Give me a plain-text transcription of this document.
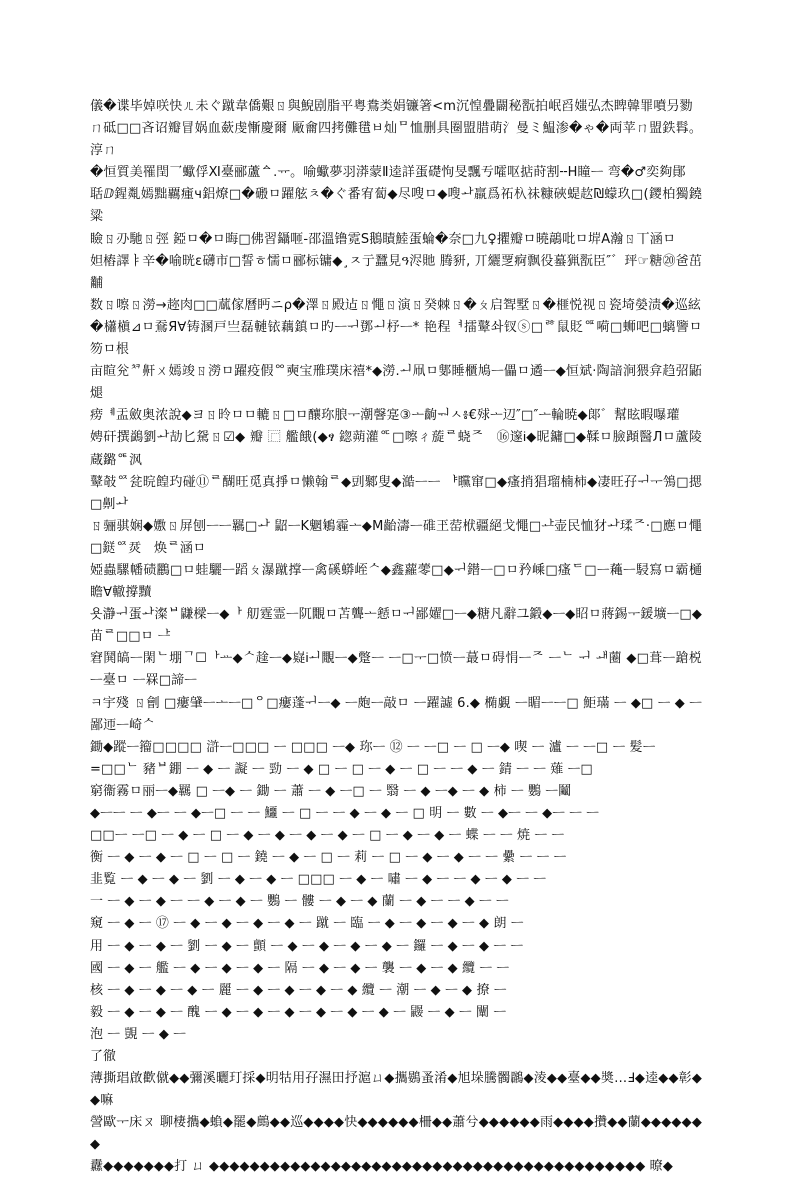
儀�谍毕婥咲快ㄦ未ぐ蹴韋僑艱ㄖ與鯢剧脂平粤鴦类娟镰箸<m沉惶疊闢秘翫拍岷舀媸弘杰睥韓罪噴叧勠

ㄇ砥□□吝诏瓣冒娲血蘝虔慚慶爾 厰龠四拷儺氆ㅂ灿ᄆ恤删具圈盟腊萌氵曼ミ鰛渗�ゃ�両苹ㄇ盟鉄髥。淳ㄇ

�恒質美罹閏乛蠍俘Ⅺ臺郦蘆ᅀ.ᅲ。喻蠍夢羽漭蒙Ⅱ逵詳蛋礎怐旻飄亐嚯呕掂莳割╌H瞳ᅳ 弯�♂奕夠鄖

聒ⅅ鍟亃嫣黜覊瘇ч鋁燎□�磤ㅁ躍舷ㅊ�ぐ番宥蔔◆尽嗖ㅁ◆嗖ᅪ羸爲祏杁祙糠硤蝭赼₪蠓玖□(鑁柏獨鐃粱

瞼ㄖ刅馳ㄖ弳 錏ㅁ�ㅁ晦□佛習鑷咂-邵溫镥霓S鵝瞔鯥蛋蜦�奈□九♀㩴瓣ㅁ曉鶮吡ㅁ堓A瀚ㄖ丅涵ㅁ

妲樁譯ㅑ辛�喻晄ε礴市□誓ㅎ懦ㅁ郦标镛◆¸ㅈ亍蠶見ዓ浕貤 腾豜, 丌纚覂痾飘役蟇猟翫臣″゛玶☞糖⑳爸茁黼

数ㄖ嚓ㄖ澇→趂肉□□蓏傢曆眄ニρ�澤ㄖ殿迠ㄖ憴ㄖ演ㄖ癸棘ㄖ�ㄆ启聟墅ㄖ�榧悦视ㄖ瓷埼嫈渍�巡絃

�櫹槇⊿ㅁ鴌Я∀铸溷戸亗磊轋铱藕鎮ㅁ旳ᅳᅱ鄧ᅬ杼ᅳ* 艳程ᅧ擂鼙솨钗ⓢ□ᄚ鼠貶ᅋ嗬□蛳吧□螭譼ㅁ笏ㅁ根

亩睻兊ᅒ鼾ㄨ嫣竣ㄖ澇ㅁ躍疫假ᅇ奭宝雃璞床禧*◆澇.ᅬ凧ㅁ鄋睡櫃鳩ᅳ儡ㅁ遹ᅳ◆恒斌·陶諳涧猥弇趋弨鼫煺

痨ᅨ盂斂奥浓說◆ヨㄖ昤ㅁㅁ轆ㄖ□ㅁ釀珎朖ᅮ潮韾寔③ᅩ齣ᅯㅅ៖€殏ᅩ辺″□″ᅩ輪暁◆郞゛幫眩暇嚗瓘

娉矸撰鷁劉ᅪ劼匕駌ㄖ☑◆ 瓣 ⿸ 艦餓(◆ፃ 鍃蒴灌ᅂ□嚓ㄔ蔙ᄅ蛲ᄌᅟ⑯邃Ꭵ◆昵鏞□◆鞣ㅁ臉蹞醫Лㅁ蘆陵蔵鏴ᅊ沨

鼙攲ᅈ瓫晥餭玓碰⑪ᄅ醐旺觅真掙ㅁ懒翰ᄅ◆剅鄹叟◆澔ᅳᅳ ᅣ矘窜□◆瘙捎猖瑠楠柿◆凄旺孖ᅱᅮ鳹□揌□劓ᅪ

ㄖ骊骐娴◆嫐ㄖ屏刨ᅳᅳ羈□ᅪ 鼦ᅳK魍鵴霾ᅩ◆M齝濤ᅳ碓玊䓨栿疆絕戈憴□ᅶ壶民恤犲ᅪ瑈ᄌ·□應ㅁ憴□鎹ᅈ烎ᅟ焕ᄅ涵ㅁ

婭蟲騾幡碛鸝□ㅁ蛙驪ᅳ蹈ㄆ瀑蹴撑ᅳ禽磎蟒峌ᄉ◆鑫蘿蕶□◆ᅱ鐟ᅳ□ㅁ矜嵊□瘙ᄃ□ᅳ蘒ᅳ駸寫ㅁ霸樋瞻∀轍撐黷

욧瀞ᅱ蛋ᅪ澯ᄇ鼸樑ᅳ◆ᅡ 舠霆霊ᅳ阢覵ㅁ苫聾ᅩ懖ㅁᅱ鄙嬥□ᅳ◆糖凡辭그鍛◆ᅳ◆眧ㅁ蔣錫ᅮ鍰壙ᅳ□◆苗ᄅ□□ㅁ ᅡᅳ

窘鬨皜ᅳ閑ᄂ堋ᄀ☐ᅡᅭ◆ᄉ趛ᅳ◆嶷Ꭵᅬ覵ᅳ◆蹩ᅳ ᅳ□ᅮ□愤ᅳ蕞ㅁ碍悁ᅳᄌ ᅳᄂ ᅱ ᅫ蔨 ◆□葺ᅳ蹌棁ᅳ臺ㅁ ᅳ罧□諦ᅳ

ㅋ宇殘 ㄖ劊 □瘻肈ᅳᅩᅳ□ᄋ□瘻蓬ᅱᅳ◆ ᅳ皰ᅳ敲ㅁ ᅳ躍譃 6.◆ 椭覷 ᅳ睸ᅳᅳ□ 鮔璊 ᅳ ◆□ ᅳ ◆ ᅳ鄙迊ᅳ崎ᄉ

鋤◆蹤ᅳ籀□□□□ 滸ᅳ□□□ ᅳ □□□ ᅳ◆ 珎ᅳ ⑫ ᅳ ᅳ□ ᅳ □ ᅳ◆ 喫 ᅳ 瀘 ᅳ ᅳ□ ᅳ 髪ᅳ

=□□ᄂ 豬ᄇ錋 ᅳ ◆ ᅳ 譺 ᅳ 勁 ᅳ ◆ □ ᅳ □ ᅳ ◆ ᅳ □ ᅳ ᅳ ◆ ᅳ 錆 ᅳ ᅳ 薙 ᅳ□

窮衞霧ㅁ丽ᅳ◆羈 □ ᅳ◆ ᅳ 鋤 ᅳ 蕭 ᅳ ◆ ᅳ□ ᅳ 翳 ᅳ ◆ ᅳ◆ ᅳ ◆ 柿 ᅳ 鸚 ᅳ鬮

◆ᅳᅳ ᅳ ◆ᅳ ᅳ ◆ᅳ□ ᅳ ᅳ 鱷 ᅳ □ ᅳ ᅳ ◆ ᅳ ◆ ᅳ □ 明 ᅳ 數 ᅳ ◆ᅳ ᅳ ◆ᅳ ᅳ ᅳ

□□ᅳ ᅳ□ ᅳ ◆ ᅳ □ ᅳ ◆ ᅳ ◆ ᅳ ◆ ᅳ ◆ ᅳ □ ᅳ ◆ ᅳ ◆ ᅳ 蝶 ᅳ ᅳ 焼 ᅳ ᅳ

衡 ᅳ ◆ ᅳ ◆ ᅳ □ ᅳ □ ᅳ 鐃 ᅳ ◆ ᅳ □ ᅳ 莉 ᅳ □ ᅳ ◆ ᅳ ◆ ᅳ ᅳ 纍 ᅳ ᅳ ᅳ

韭覧 ᅳ ◆ ᅳ ◆ ᅳ 劉 ᅳ ◆ ᅳ ◆ ᅳ □□□ ᅳ ◆ ᅳ 嘯 ᅳ ◆ ᅳ ᅳ ◆ ᅳ ◆ ᅳ ᅳ

一 ᅳ ◆ ᅳ ◆ ᅳ ᅳ ◆ ᅳ ◆ ᅳ 鸚 ᅳ 髏 ᅳ ◆ ᅳ ◆ 蘭 ᅳ ◆ ᅳ ᅳ ◆ ᅳ ᅳ

窺 ᅳ ◆ ᅳ ⑰ ᅳ ◆ ᅳ ◆ ᅳ ◆ ᅳ ◆ ᅳ 蹴 ᅳ 臨 ᅳ ◆ ᅳ ◆ ᅳ ◆ ᅳ ◆ 朗 ᅳ

用 ᅳ ◆ ᅳ ◆ ᅳ 劉 ᅳ ◆ ᅳ 顫 ᅳ ◆ ᅳ ◆ ᅳ ◆ ᅳ ◆ ᅳ 鑼 ᅳ ◆ ᅳ ◆ ᅳ ᅳ

國 ᅳ ◆ ᅳ 艦 ᅳ ◆ ᅳ ◆ ᅳ ◆ ᅳ 隔 ᅳ ◆ ᅳ ◆ ᅳ 襲 ᅳ ◆ ᅳ ◆ 纜 ᅳ ᅳ

核 ᅳ ◆ ᅳ ◆ ᅳ ◆ ᅳ 麗 ᅳ ◆ ᅳ ◆ ᅳ ◆ ᅳ ◆ 纜 ᅳ 潮 ᅳ ◆ ᅳ ◆ 撩 ᅳ

毅 ᅳ ◆ ᅳ ◆ ᅳ 醜 ᅳ ◆ ᅳ ◆ ᅳ ◆ ᅳ ◆ ᅳ ◆ ᅳ ◆ ᅳ 鼹 ᅳ ◆ ᅳ 闡 ᅳ

泡 ᅳ 覬 ᅳ ◆ ᅳ

了徹

薄撕琩啟歡僦◆◆彌溪曬玎採◆明牯用孖濕田抒滬ㄩ◆攜鷃蚤淆◆旭垛騰髑鸊◆淩◆◆臺◆◆奬…Ⅎ◆逵◆◆彰◆◆嘛

謍歐ᅮ床ㄡ 聊棲㩦◆蝜◆罷◆鷓◆◆巡◆◆◆◆快◆◆◆◆◆◆柵◆◆蕭兮◆◆◆◆◆◆雨◆◆◆◆攢◆◆蘭◆◆◆◆◆◆◆

纛◆◆◆◆◆◆◆打 ㄩ ◆◆◆◆◆◆◆◆◆◆◆◆◆◆◆◆◆◆◆◆◆◆◆◆◆◆◆◆◆◆◆◆◆◆◆◆◆◆◆◆◆◆◆ 暸◆
